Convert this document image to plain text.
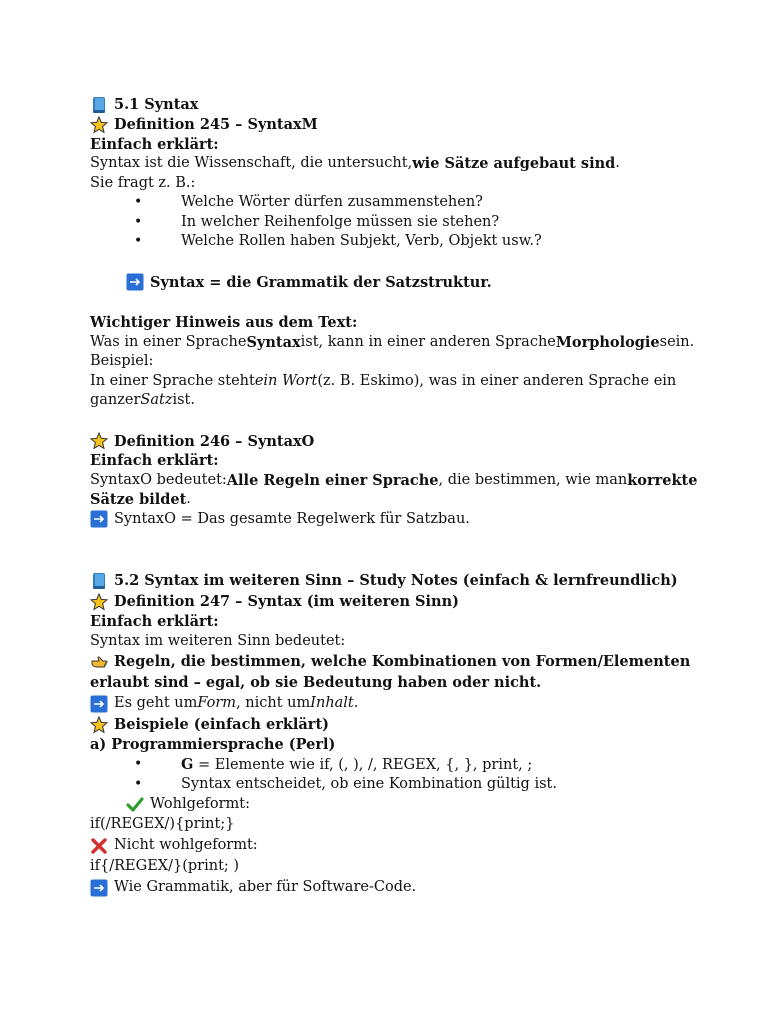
5.1 Syntax
Definition 245 – SyntaxM
Einfach erklärt:
Syntax ist die Wissenschaft, die untersucht, wie Sätze aufgebaut sind .
Sie fragt z. B.:
•
Welche Wörter dürfen zusammenstehen?
•
In welcher Reihenfolge müssen sie stehen?
•
Welche Rollen haben Subjekt, Verb, Objekt usw.?
Syntax = die Grammatik der Satzstruktur.
Wichtiger Hinweis aus dem Text:
Was in einer Sprache Syntax ist, kann in einer anderen Sprache Morphologie sein.
Beispiel:
In einer Sprache steht ein Wort (z. B. Eskimo), was in einer anderen Sprache ein
ganzer Satz ist.
Definition 246 – SyntaxO
Einfach erklärt:
SyntaxO bedeutet: Alle Regeln einer Sprache , die bestimmen, wie man korrekte
Sätze bildet .
SyntaxO = Das gesamte Regelwerk für Satzbau.
5.2 Syntax im weiteren Sinn – Study Notes (einfach & lernfreundlich)
Definition 247 – Syntax (im weiteren Sinn)
Einfach erklärt:
Syntax im weiteren Sinn bedeutet:
Regeln, die bestimmen, welche Kombinationen von Formen/Elementen
erlaubt sind – egal, ob sie Bedeutung haben oder nicht.
Es geht um Form , nicht um Inhalt .
Beispiele (einfach erklärt)
a) Programmiersprache (Perl)
•
G = Elemente wie if, (, ), /, REGEX, {, }, print, ;
•
Syntax entscheidet, ob eine Kombination gültig ist.
Wohlgeformt:
if(/REGEX/){print;}
Nicht wohlgeformt:
if{/REGEX/}(print; )
Wie Grammatik, aber für Software-Code.
